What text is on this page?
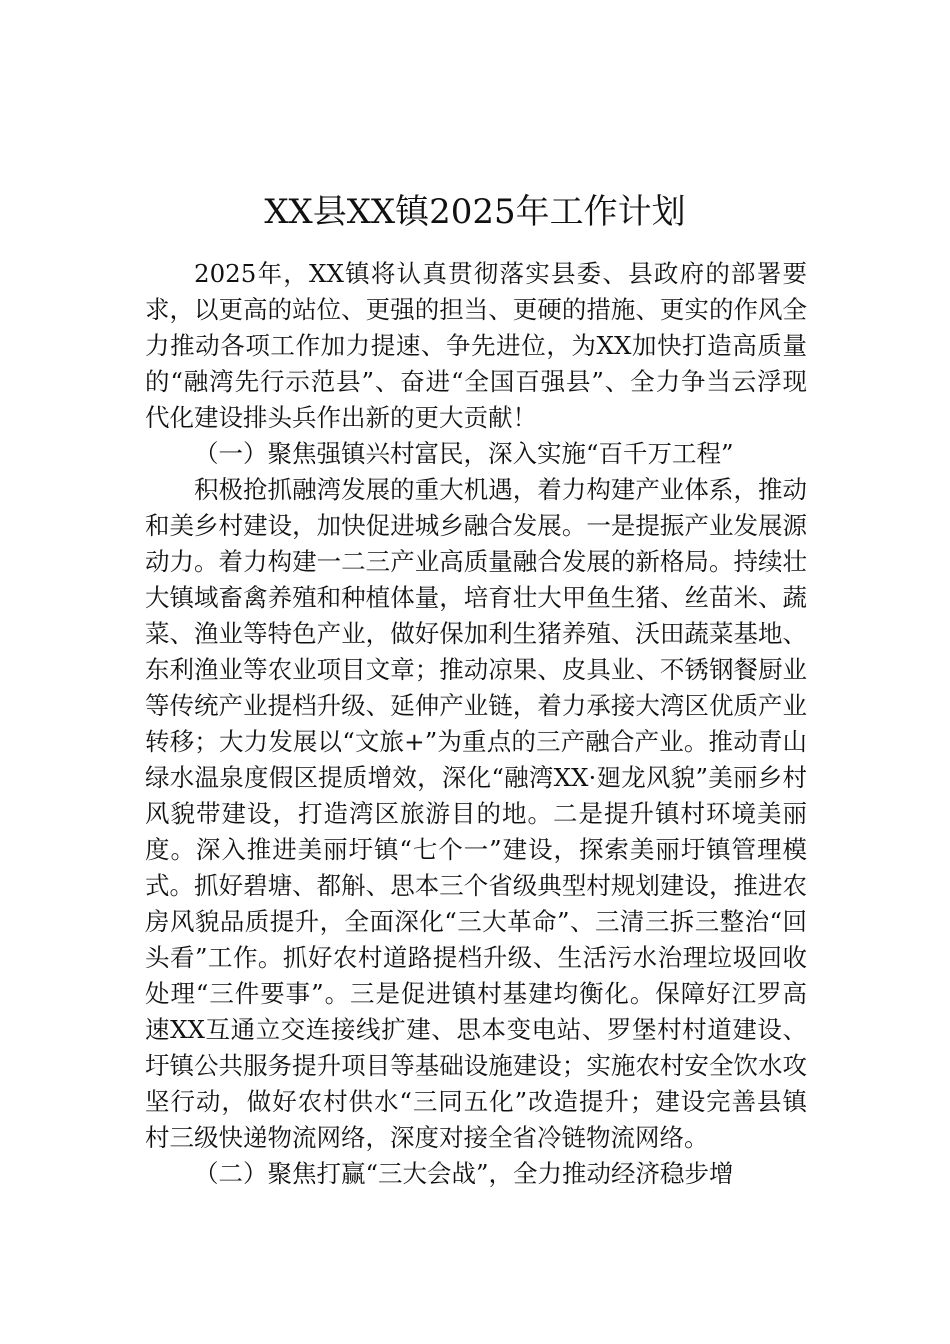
XX县XX镇2025年工作计划

2025年，XX镇将认真贯彻落实县委、县政府的部署要求，以更高的站位、更强的担当、更硬的措施、更实的作风全力推动各项工作加力提速、争先进位，为XX加快打造高质量的“融湾先行示范县”、奋进“全国百强县”、全力争当云浮现代化建设排头兵作出新的更大贡献！

（一）聚焦强镇兴村富民，深入实施“百千万工程”

积极抢抓融湾发展的重大机遇，着力构建产业体系，推动和美乡村建设，加快促进城乡融合发展。一是提振产业发展源动力。着力构建一二三产业高质量融合发展的新格局。持续壮大镇域畜禽养殖和种植体量，培育壮大甲鱼生猪、丝苗米、蔬菜、渔业等特色产业，做好保加利生猪养殖、沃田蔬菜基地、东利渔业等农业项目文章；推动凉果、皮具业、不锈钢餐厨业等传统产业提档升级、延伸产业链，着力承接大湾区优质产业转移；大力发展以“文旅+”为重点的三产融合产业。推动青山绿水温泉度假区提质增效，深化“融湾XX·廻龙风貌”美丽乡村风貌带建设，打造湾区旅游目的地。二是提升镇村环境美丽度。深入推进美丽圩镇“七个一”建设，探索美丽圩镇管理模式。抓好碧塘、都斛、思本三个省级典型村规划建设，推进农房风貌品质提升，全面深化“三大革命”、三清三拆三整治“回头看”工作。抓好农村道路提档升级、生活污水治理垃圾回收处理“三件要事”。三是促进镇村基建均衡化。保障好江罗高速XX互通立交连接线扩建、思本变电站、罗堡村村道建设、圩镇公共服务提升项目等基础设施建设；实施农村安全饮水攻坚行动，做好农村供水“三同五化”改造提升；建设完善县镇村三级快递物流网络，深度对接全省冷链物流网络。

（二）聚焦打赢“三大会战”，全力推动经济稳步增
